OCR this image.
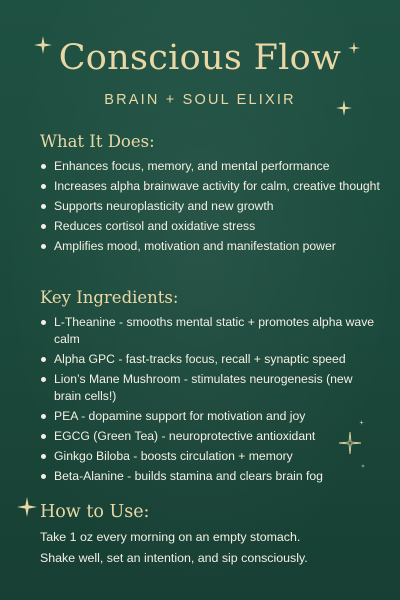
Conscious Flow
BRAIN + SOUL ELIXIR
What It Does:
Enhances focus, memory, and mental performance
Increases alpha brainwave activity for calm, creative thought
Supports neuroplasticity and new growth
Reduces cortisol and oxidative stress
Amplifies mood, motivation and manifestation power
Key Ingredients:
L-Theanine - smooths mental static + promotes alpha wave calm
Alpha GPC - fast-tracks focus, recall + synaptic speed
Lion’s Mane Mushroom - stimulates neurogenesis (new brain cells!)
PEA - dopamine support for motivation and joy
EGCG (Green Tea) - neuroprotective antioxidant
Ginkgo Biloba - boosts circulation + memory
Beta-Alanine - builds stamina and clears brain fog
How to Use:

Take 1 oz every morning on an empty stomach.

Shake well, set an intention, and sip consciously.
